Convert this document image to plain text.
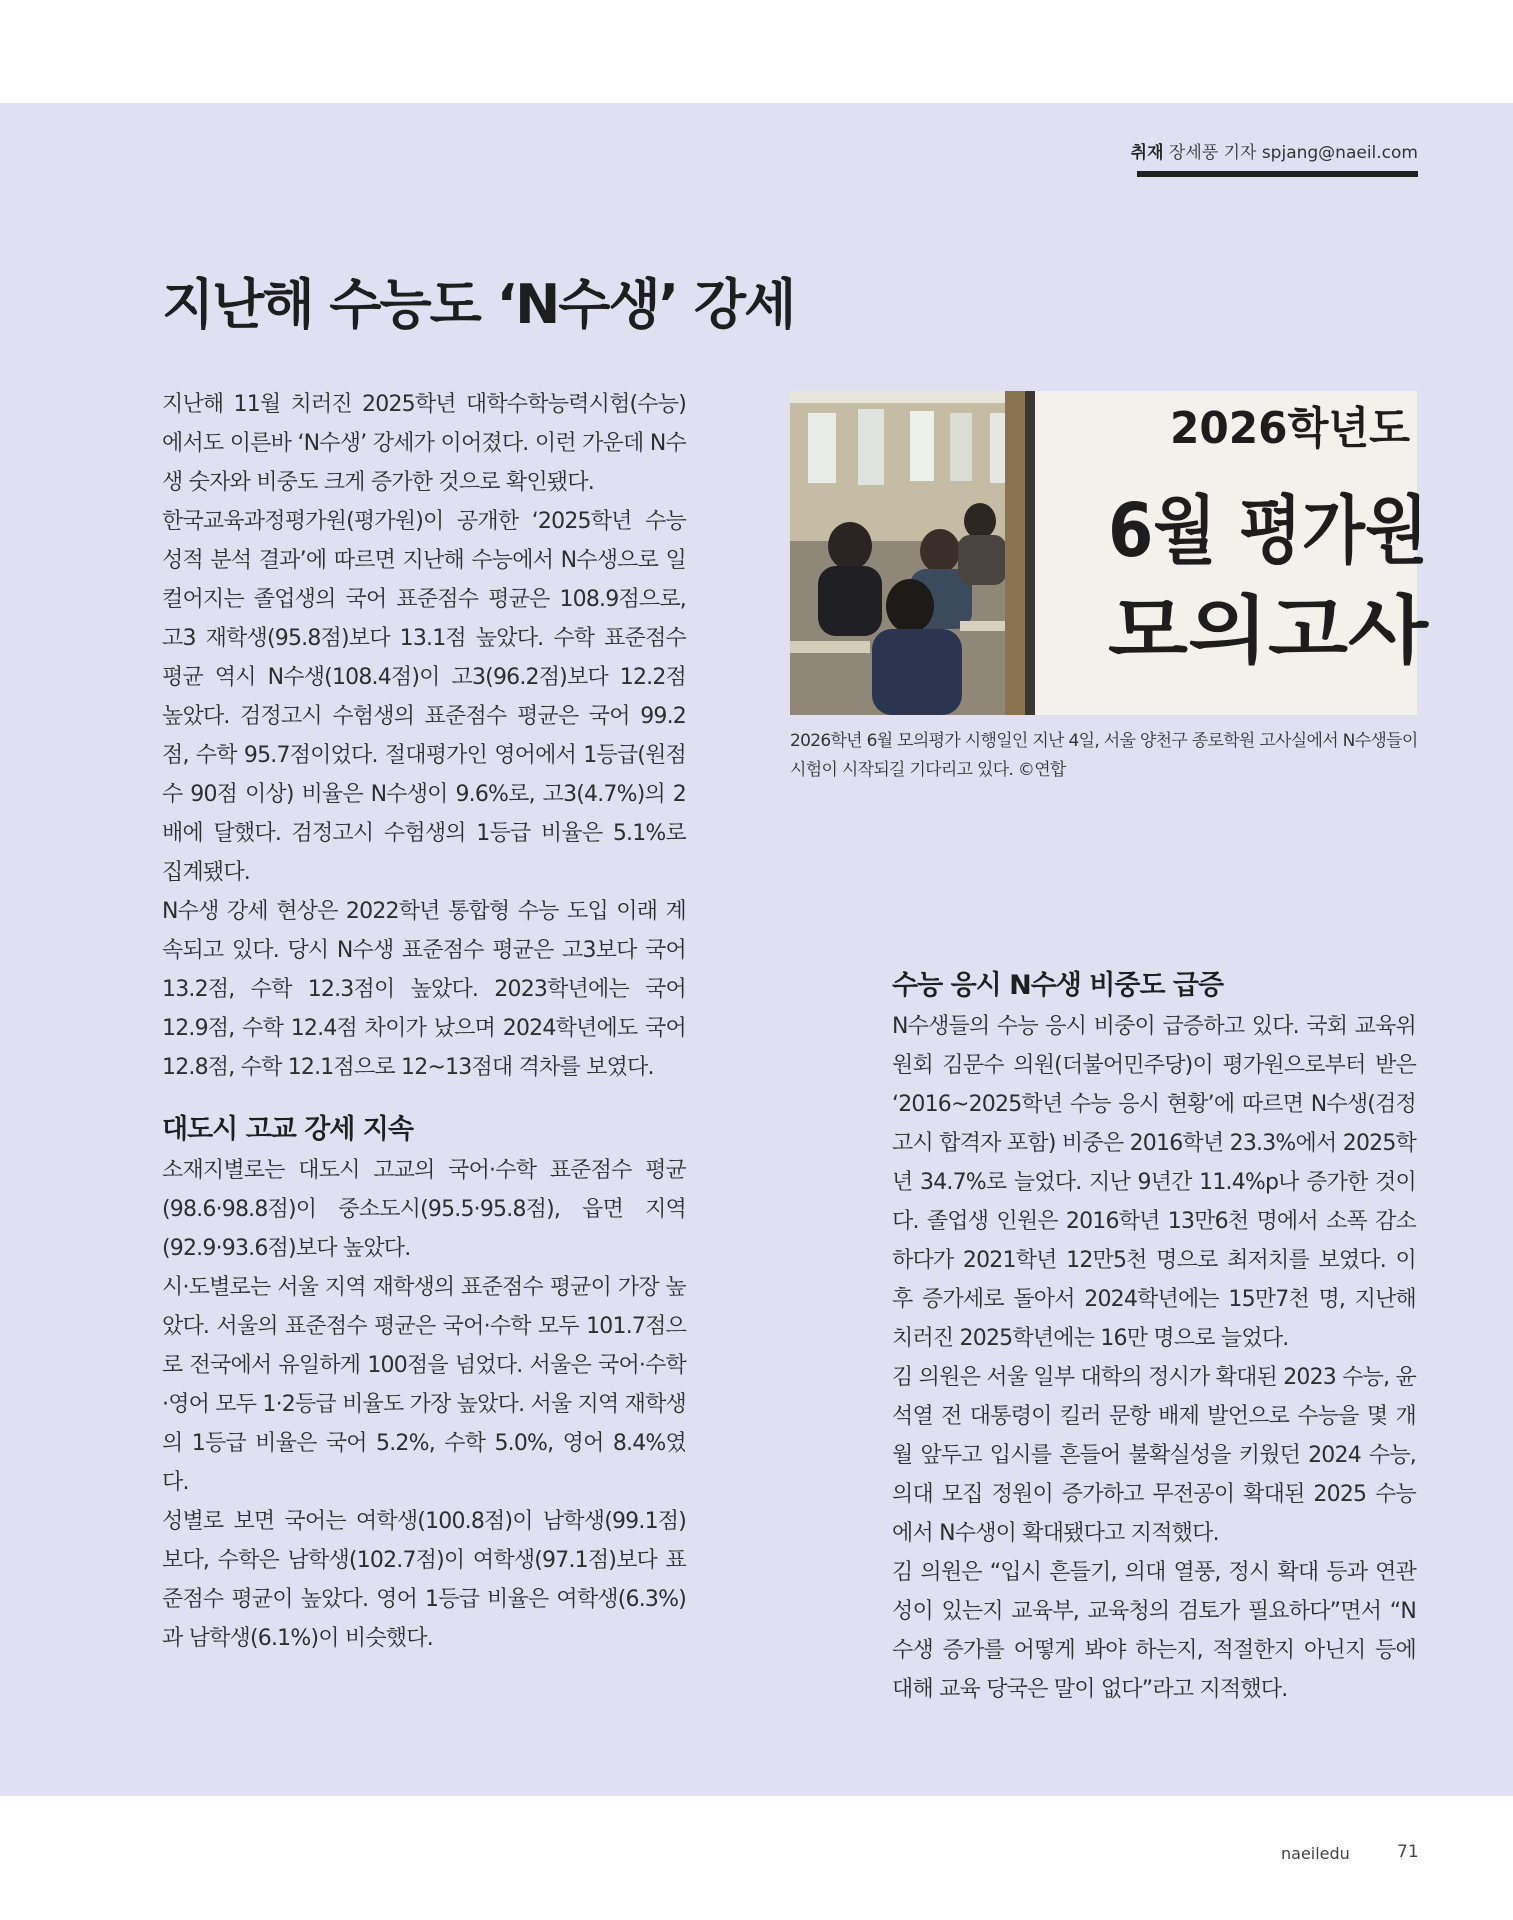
취재 장세풍 기자 spjang@naeil.com
지난해 수능도 ‘N수생’ 강세

지난해 11월 치러진 2025학년 대학수학능력시험(수능)에서도 이른바 ‘N수생’ 강세가 이어졌다. 이런 가운데 N수생 숫자와 비중도 크게 증가한 것으로 확인됐다.

한국교육과정평가원(평가원)이 공개한 ‘2025학년 수능 성적 분석 결과’에 따르면 지난해 수능에서 N수생으로 일컬어지는 졸업생의 국어 표준점수 평균은 108.9점으로, 고3 재학생(95.8점)보다 13.1점 높았다. 수학 표준점수 평균 역시 N수생(108.4점)이 고3(96.2점)보다 12.2점 높았다. 검정고시 수험생의 표준점수 평균은 국어 99.2점, 수학 95.7점이었다. 절대평가인 영어에서 1등급(원점수 90점 이상) 비율은 N수생이 9.6%로, 고3(4.7%)의 2배에 달했다. 검정고시 수험생의 1등급 비율은 5.1%로 집계됐다.

N수생 강세 현상은 2022학년 통합형 수능 도입 이래 계속되고 있다. 당시 N수생 표준점수 평균은 고3보다 국어 13.2점, 수학 12.3점이 높았다. 2023학년에는 국어 12.9점, 수학 12.4점 차이가 났으며 2024학년에도 국어 12.8점, 수학 12.1점으로 12~13점대 격차를 보였다.

대도시 고교 강세 지속

소재지별로는 대도시 고교의 국어·수학 표준점수 평균(98.6·98.8점)이 중소도시(95.5·95.8점), 읍면 지역(92.9·93.6점)보다 높았다.

시·도별로는 서울 지역 재학생의 표준점수 평균이 가장 높았다. 서울의 표준점수 평균은 국어·수학 모두 101.7점으로 전국에서 유일하게 100점을 넘었다. 서울은 국어·수학·영어 모두 1·2등급 비율도 가장 높았다. 서울 지역 재학생의 1등급 비율은 국어 5.2%, 수학 5.0%, 영어 8.4%였다.

성별로 보면 국어는 여학생(100.8점)이 남학생(99.1점)보다, 수학은 남학생(102.7점)이 여학생(97.1점)보다 표준점수 평균이 높았다. 영어 1등급 비율은 여학생(6.3%)과 남학생(6.1%)이 비슷했다.

2026학년도
6월 평가원
모의고사
2026학년 6월 모의평가 시행일인 지난 4일, 서울 양천구 종로학원 고사실에서 N수생들이 시험이 시작되길 기다리고 있다. ©연합
수능 응시 N수생 비중도 급증

N수생들의 수능 응시 비중이 급증하고 있다. 국회 교육위원회 김문수 의원(더불어민주당)이 평가원으로부터 받은 ‘2016~2025학년 수능 응시 현황’에 따르면 N수생(검정고시 합격자 포함) 비중은 2016학년 23.3%에서 2025학년 34.7%로 늘었다. 지난 9년간 11.4%p나 증가한 것이다. 졸업생 인원은 2016학년 13만6천 명에서 소폭 감소하다가 2021학년 12만5천 명으로 최저치를 보였다. 이후 증가세로 돌아서 2024학년에는 15만7천 명, 지난해 치러진 2025학년에는 16만 명으로 늘었다.

김 의원은 서울 일부 대학의 정시가 확대된 2023 수능, 윤석열 전 대통령이 킬러 문항 배제 발언으로 수능을 몇 개월 앞두고 입시를 흔들어 불확실성을 키웠던 2024 수능, 의대 모집 정원이 증가하고 무전공이 확대된 2025 수능에서 N수생이 확대됐다고 지적했다.

김 의원은 “입시 흔들기, 의대 열풍, 정시 확대 등과 연관성이 있는지 교육부, 교육청의 검토가 필요하다”면서 “N수생 증가를 어떻게 봐야 하는지, 적절한지 아닌지 등에 대해 교육 당국은 말이 없다”라고 지적했다.

naeiledu	71
